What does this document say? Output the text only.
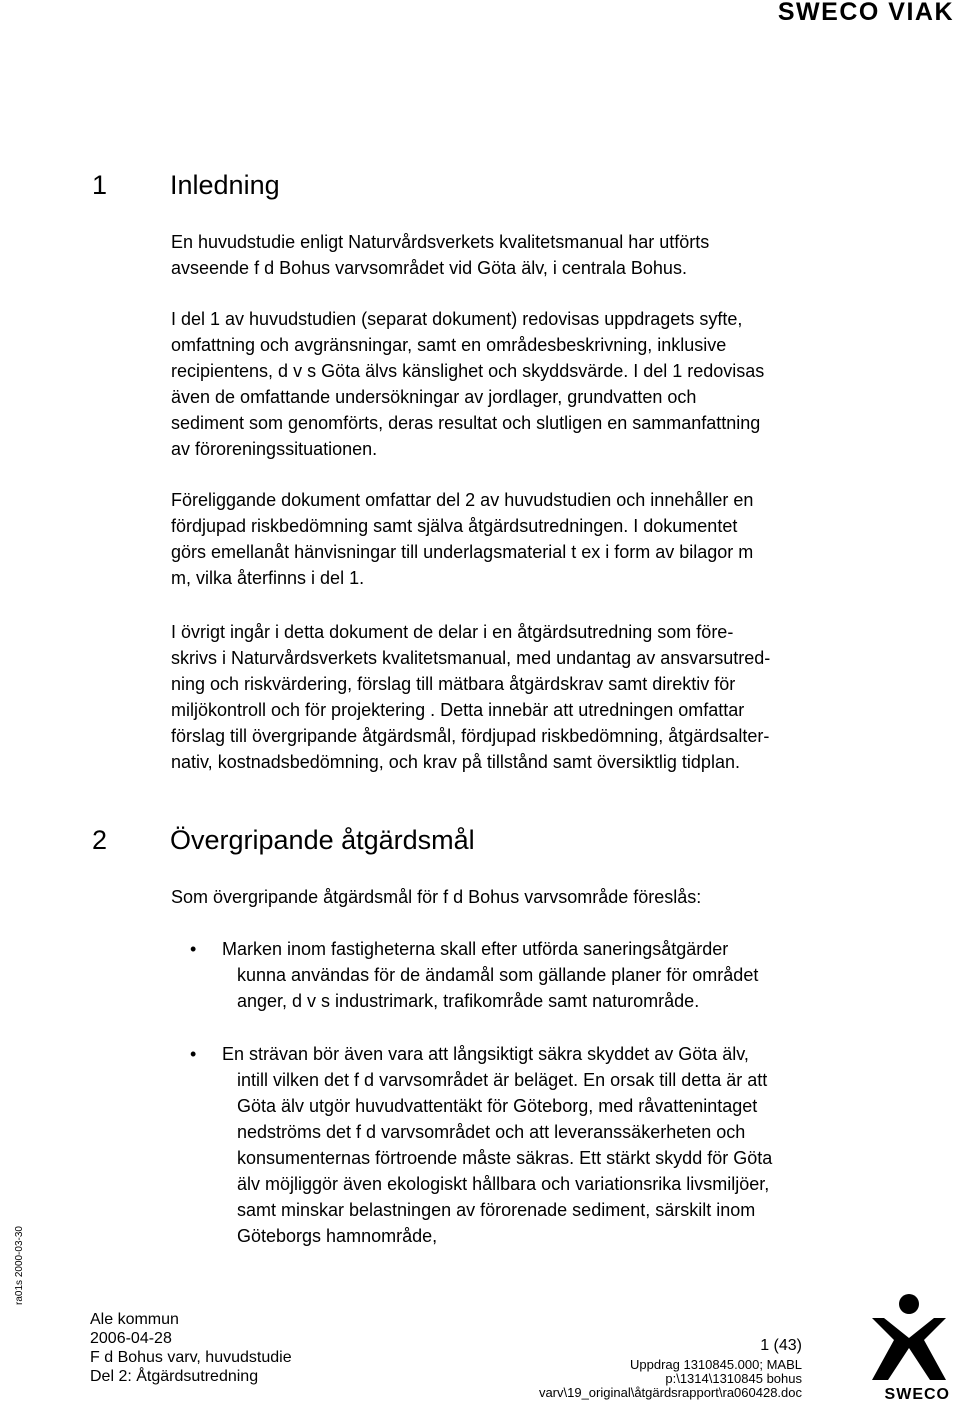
SWECO VIAK
1	Inledning

En huvudstudie enligt Naturvårdsverkets kvalitetsmanual har utförts
avseende f d Bohus varvsområdet vid Göta älv, i centrala Bohus.

I del 1 av huvudstudien (separat dokument) redovisas uppdragets syfte,
omfattning och avgränsningar, samt en områdesbeskrivning, inklusive
recipientens, d v s Göta älvs känslighet och skyddsvärde. I del 1 redovisas
även de omfattande undersökningar av jordlager, grundvatten och
sediment som genomförts, deras resultat och slutligen en sammanfattning
av föroreningssituationen.

Föreliggande dokument omfattar del 2 av huvudstudien och innehåller en
fördjupad riskbedömning samt själva åtgärdsutredningen. I dokumentet
görs emellanåt hänvisningar till underlagsmaterial t ex i form av bilagor m
m, vilka återfinns i del 1.

I övrigt ingår i detta dokument de delar i en åtgärdsutredning som före-
skrivs i Naturvårdsverkets kvalitetsmanual, med undantag av ansvarsutred-
ning och riskvärdering, förslag till mätbara åtgärdskrav samt direktiv för
miljökontroll och för projektering . Detta innebär att utredningen omfattar
förslag till övergripande åtgärdsmål, fördjupad riskbedömning, åtgärdsalter-
nativ, kostnadsbedömning, och krav på tillstånd samt översiktlig tidplan.

2	Övergripande åtgärdsmål

Som övergripande åtgärdsmål för f d Bohus varvsområde föreslås:

•	Marken inom fastigheterna skall efter utförda saneringsåtgärder
kunna användas för de ändamål som gällande planer för området
anger, d v s industrimark, trafikområde samt naturområde.
•	En strävan bör även vara att långsiktigt säkra skyddet av Göta älv,
intill vilken det f d varvsområdet är beläget. En orsak till detta är att
Göta älv utgör huvudvattentäkt för Göteborg, med råvattenintaget
nedströms det f d varvsområdet och att leveranssäkerheten och
konsumenternas förtroende måste säkras. Ett stärkt skydd för Göta
älv möjliggör även ekologiskt hållbara och variationsrika livsmiljöer,
samt minskar belastningen av förorenade sediment, särskilt inom
Göteborgs hamnområde,
ra01s 2000-03-30
Ale kommun
2006-04-28
F d Bohus varv, huvudstudie
Del 2: Åtgärdsutredning
1 (43)
Uppdrag 1310845.000; MABL
p:\1314\1310845 bohus
varv\19_original\åtgärdsrapport\ra060428.doc	SWECO
